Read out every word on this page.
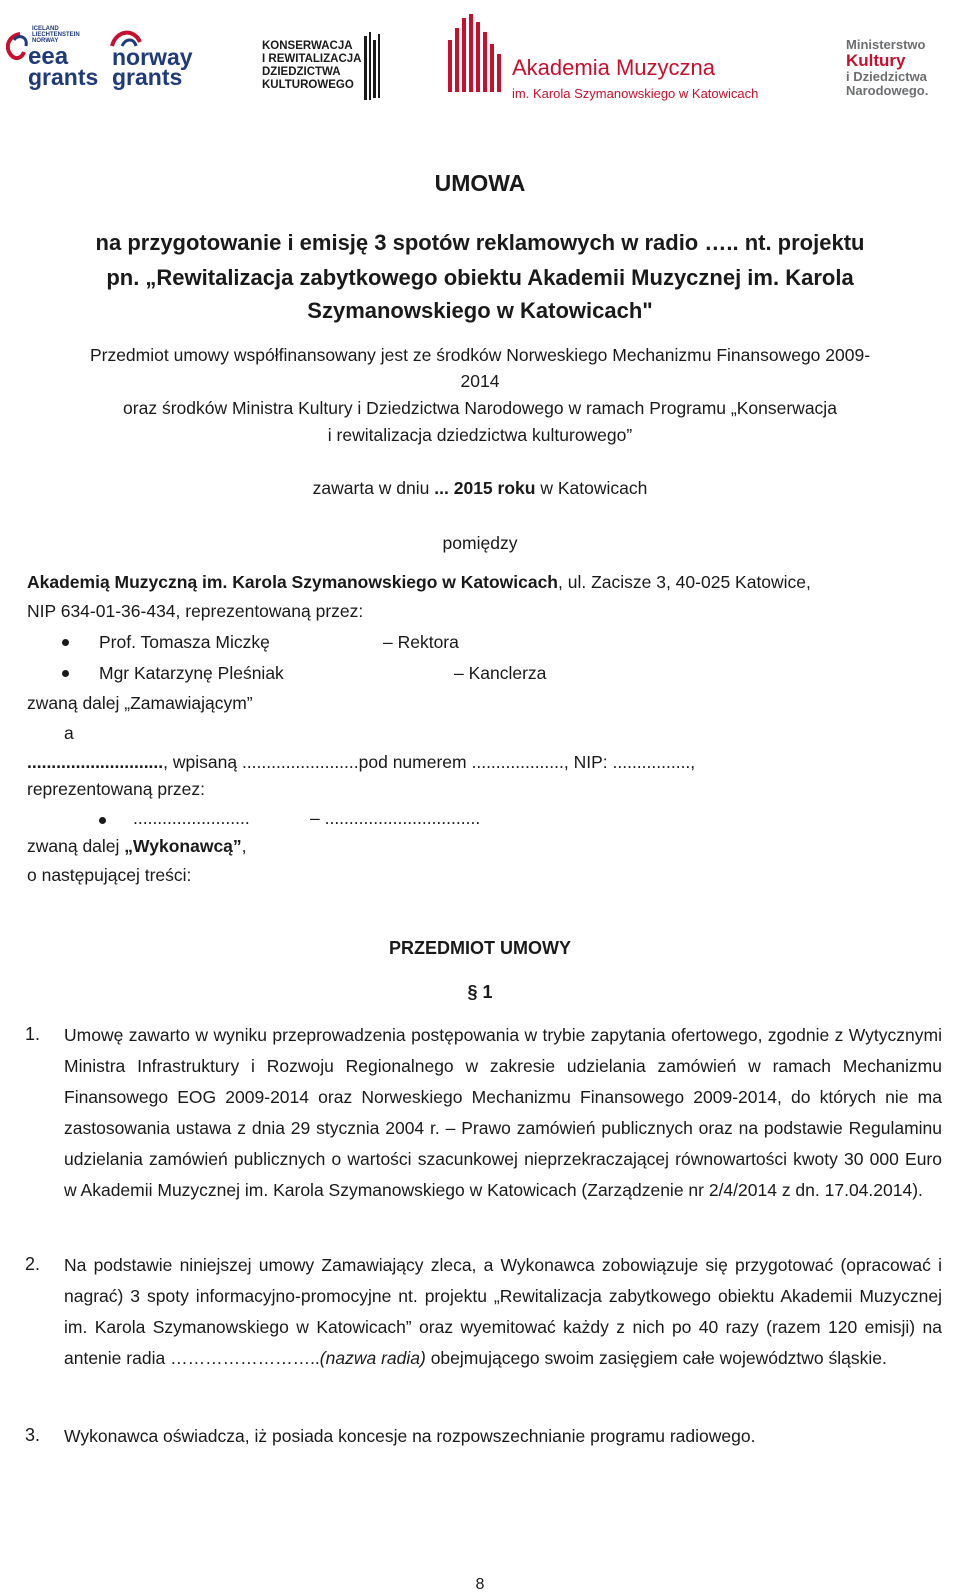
ICELAND
LIECHTENSTEIN
NORWAY
eea
grants
norway
grants
KONSERWACJA
I REWITALIZACJA
DZIEDZICTWA
KULTUROWEGO
Akademia Muzyczna
im. Karola Szymanowskiego w Katowicach
Ministerstwo
Kultury
i Dziedzictwa
Narodowego.
UMOWA

na przygotowanie i emisję 3 spotów reklamowych w radio ….. nt. projektu

pn. „Rewitalizacja zabytkowego obiektu Akademii Muzycznej im. Karola

Szymanowskiego w Katowicach"

Przedmiot umowy współfinansowany jest ze środków Norweskiego Mechanizmu Finansowego 2009-

2014

oraz środków Ministra Kultury i Dziedzictwa Narodowego w ramach Programu „Konserwacja

i rewitalizacja dziedzictwa kulturowego”

zawarta w dniu ... 2015 roku w Katowicach

pomiędzy

Akademią Muzyczną im. Karola Szymanowskiego w Katowicach, ul. Zacisze 3, 40-025 Katowice,

NIP 634-01-36-434, reprezentowaną przez:

Prof. Tomasza Miczkę	– Rektora

Mgr Katarzynę Pleśniak	– Kanclerza

zwaną dalej „Zamawiającym”

a

............................, wpisaną ........................pod numerem ..................., NIP: ................,

reprezentowaną przez:

........................	– ................................

zwaną dalej „Wykonawcą”,

o następującej treści:

PRZEDMIOT UMOWY

§ 1

1. Umowę zawarto w wyniku przeprowadzenia postępowania w trybie zapytania ofertowego, zgodnie z Wytycznymi Ministra Infrastruktury i Rozwoju Regionalnego w zakresie udzielania zamówień w ramach Mechanizmu Finansowego EOG 2009-2014 oraz Norweskiego Mechanizmu Finansowego 2009-2014, do których nie ma zastosowania ustawa z dnia 29 stycznia 2004 r. – Prawo zamówień publicznych oraz na podstawie Regulaminu udzielania zamówień publicznych o wartości szacunkowej nieprzekraczającej równowartości kwoty 30 000 Euro w Akademii Muzycznej im. Karola Szymanowskiego w Katowicach (Zarządzenie nr 2/4/2014 z dn. 17.04.2014).

2. Na podstawie niniejszej umowy Zamawiający zleca, a Wykonawca zobowiązuje się przygotować (opracować i nagrać) 3 spoty informacyjno-promocyjne nt. projektu „Rewitalizacja zabytkowego obiektu Akademii Muzycznej im. Karola Szymanowskiego w Katowicach” oraz wyemitować każdy z nich po 40 razy (razem 120 emisji) na antenie radia ……………………..(nazwa radia) obejmującego swoim zasięgiem całe województwo śląskie.

3. Wykonawca oświadcza, iż posiada koncesje na rozpowszechnianie programu radiowego.

8
